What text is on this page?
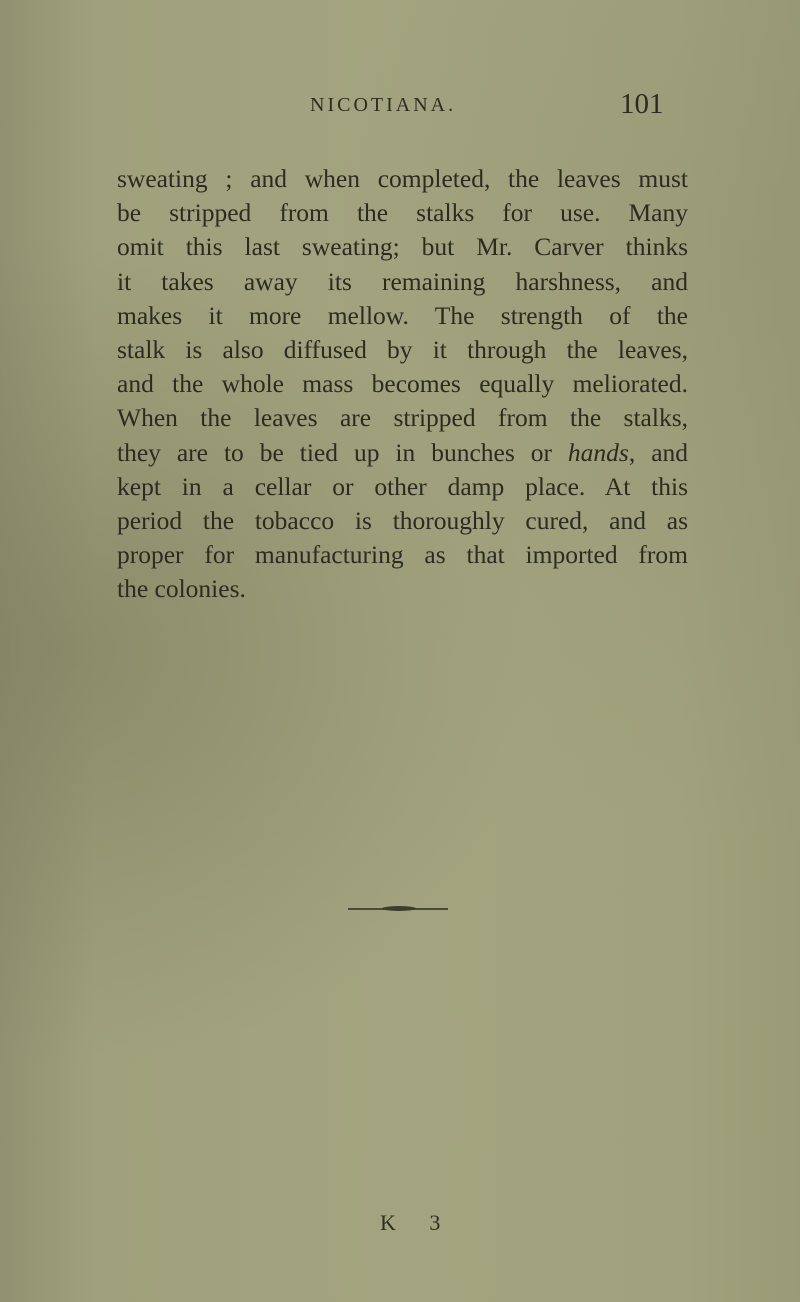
NICOTIANA.	101
sweating ; and when completed, the leaves must
be stripped from the stalks for use. Many
omit this last sweating; but Mr. Carver thinks
it takes away its remaining harshness, and
makes it more mellow. The strength of the
stalk is also diffused by it through the leaves,
and the whole mass becomes equally meliorated.
When the leaves are stripped from the stalks,
they are to be tied up in bunches or hands, and
kept in a cellar or other damp place. At this
period the tobacco is thoroughly cured, and as
proper for manufacturing as that imported from
the colonies.
K 3
